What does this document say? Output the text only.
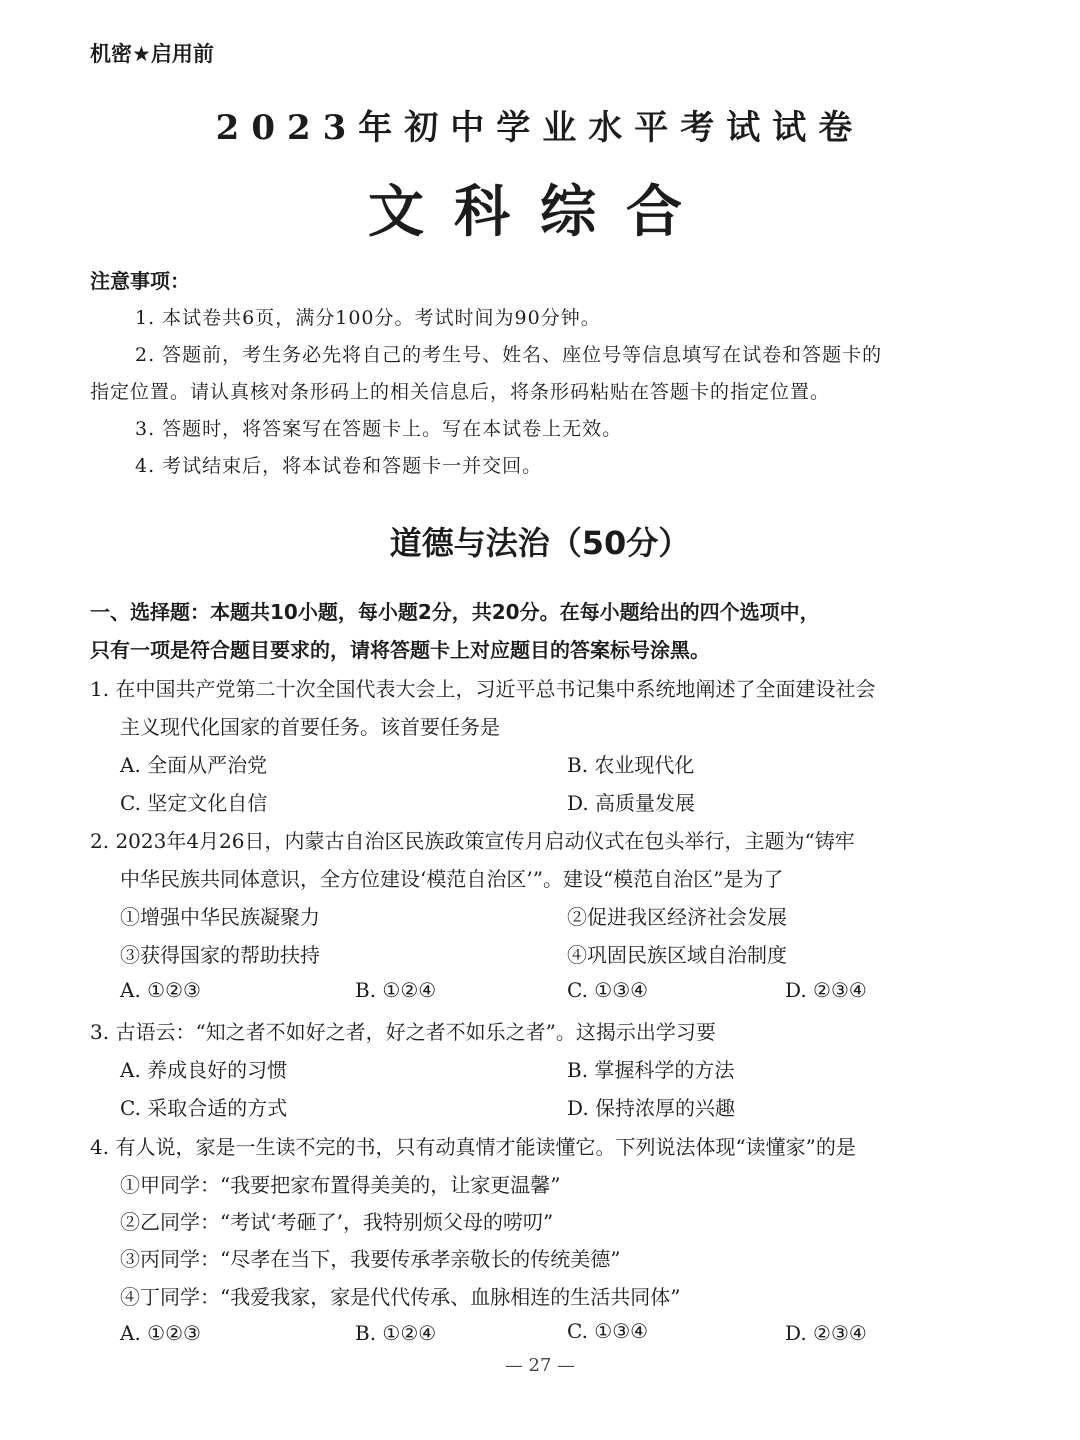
机密★启用前
2023年初中学业水平考试试卷
文科综合
注意事项：
1. 本试卷共6页，满分100分。考试时间为90分钟。
2. 答题前，考生务必先将自己的考生号、姓名、座位号等信息填写在试卷和答题卡的
指定位置。请认真核对条形码上的相关信息后，将条形码粘贴在答题卡的指定位置。
3. 答题时，将答案写在答题卡上。写在本试卷上无效。
4. 考试结束后，将本试卷和答题卡一并交回。
道德与法治（50分）
一、选择题：本题共10小题，每小题2分，共20分。在每小题给出的四个选项中，
只有一项是符合题目要求的，请将答题卡上对应题目的答案标号涂黑。
1. 在中国共产党第二十次全国代表大会上，习近平总书记集中系统地阐述了全面建设社会
主义现代化国家的首要任务。该首要任务是
A. 全面从严治党	B. 农业现代化
C. 坚定文化自信	D. 高质量发展
2. 2023年4月26日，内蒙古自治区民族政策宣传月启动仪式在包头举行，主题为“铸牢
中华民族共同体意识，全方位建设‘模范自治区’”。建设“模范自治区”是为了
①增强中华民族凝聚力	②促进我区经济社会发展
③获得国家的帮助扶持	④巩固民族区域自治制度
A. ①②③	B. ①②④	C. ①③④	D. ②③④
3. 古语云：“知之者不如好之者，好之者不如乐之者”。这揭示出学习要
A. 养成良好的习惯	B. 掌握科学的方法
C. 采取合适的方式	D. 保持浓厚的兴趣
4. 有人说，家是一生读不完的书，只有动真情才能读懂它。下列说法体现“读懂家”的是
①甲同学：“我要把家布置得美美的，让家更温馨”
②乙同学：“考试‘考砸了’，我特别烦父母的唠叨”
③丙同学：“尽孝在当下，我要传承孝亲敬长的传统美德”
④丁同学：“我爱我家，家是代代传承、血脉相连的生活共同体”
A. ①②③	B. ①②④	C. ①③④	D. ②③④
— 27 —
